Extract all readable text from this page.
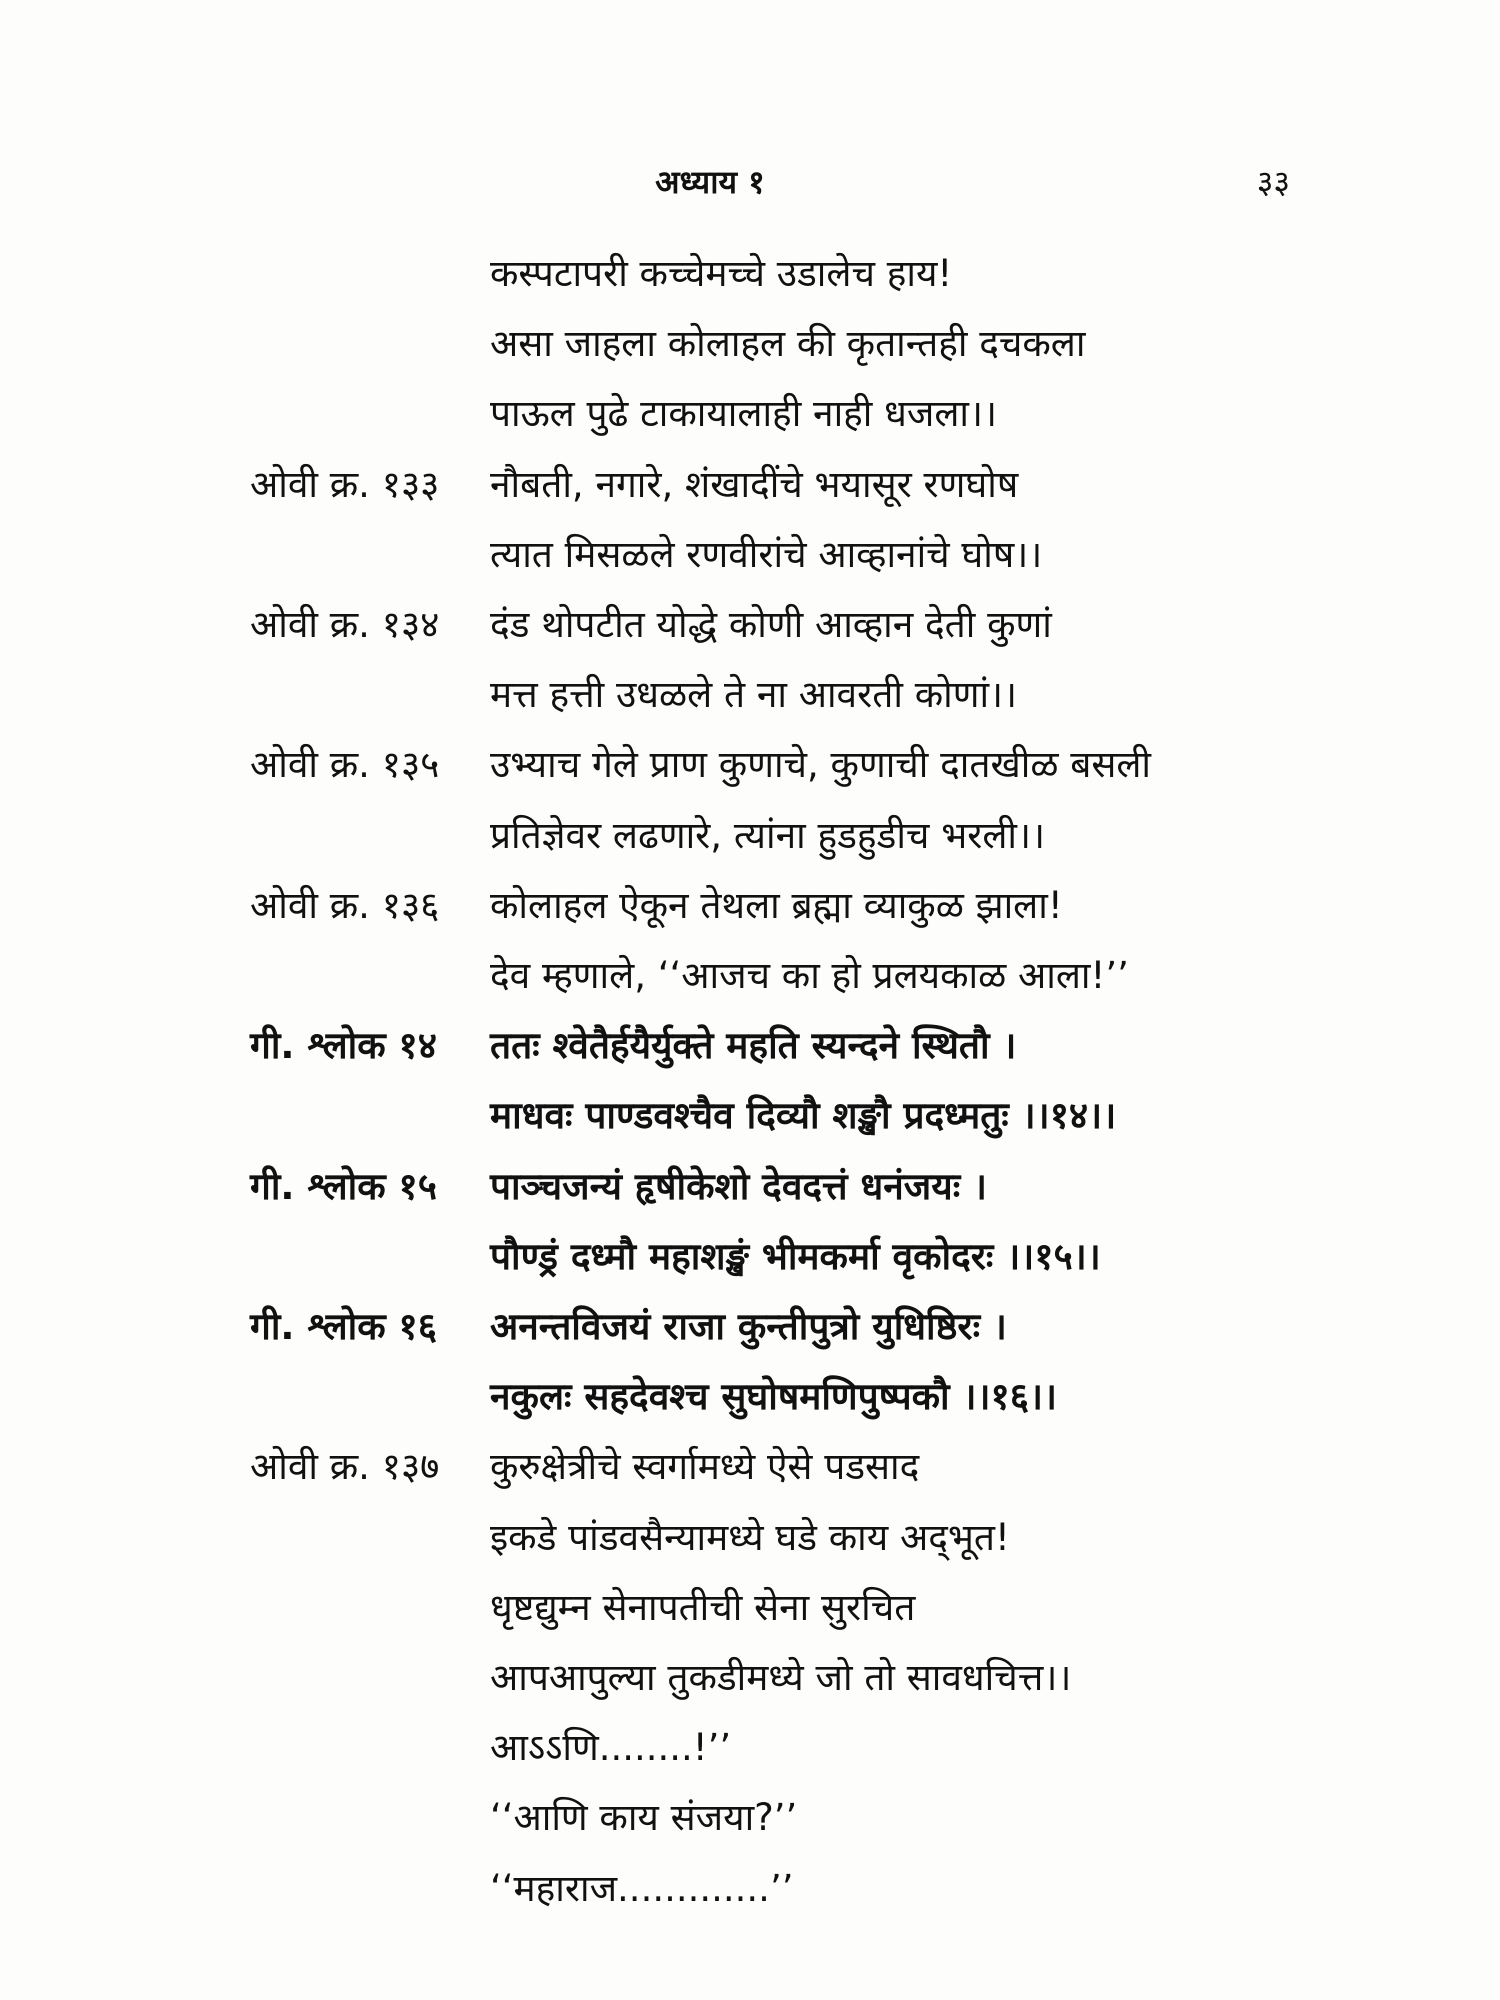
अध्याय १	३३
कस्पटापरी कच्चेमच्चे उडालेच हाय!
असा जाहला कोलाहल की कृतान्तही दचकला
पाऊल पुढे टाकायालाही नाही धजला।।
ओवी क्र. १३३	नौबती, नगारे, शंखादींचे भयासूर रणघोष
त्यात मिसळले रणवीरांचे आव्हानांचे घोष।।
ओवी क्र. १३४	दंड थोपटीत योद्धे कोणी आव्हान देती कुणां
मत्त हत्ती उधळले ते ना आवरती कोणां।।
ओवी क्र. १३५	उभ्याच गेले प्राण कुणाचे, कुणाची दातखीळ बसली
प्रतिज्ञेवर लढणारे, त्यांना हुडहुडीच भरली।।
ओवी क्र. १३६	कोलाहल ऐकून तेथला ब्रह्मा व्याकुळ झाला!
देव म्हणाले, ‘‘आजच का हो प्रलयकाळ आला!’’
गी. श्लोक १४	ततः श्वेतैर्हयैर्युक्ते महति स्यन्दने स्थितौ ।
माधवः पाण्डवश्चैव दिव्यौ शङ्खौ प्रदध्मतुः ।।१४।।
गी. श्लोक १५	पाञ्चजन्यं हृषीकेशो देवदत्तं धनंजयः ।
पौण्ड्रं दध्मौ महाशङ्खं भीमकर्मा वृकोदरः ।।१५।।
गी. श्लोक १६	अनन्तविजयं राजा कुन्तीपुत्रो युधिष्ठिरः ।
नकुलः सहदेवश्च सुघोषमणिपुष्पकौ ।।१६।।
ओवी क्र. १३७	कुरुक्षेत्रीचे स्वर्गामध्ये ऐसे पडसाद
इकडे पांडवसैन्यामध्ये घडे काय अद्‌भूत!
धृष्टद्युम्न सेनापतीची सेना सुरचित
आपआपुल्या तुकडीमध्ये जो तो सावधचित्त।।
आऽऽणि........!’’
‘‘आणि काय संजया?’’
‘‘महाराज.............’’
